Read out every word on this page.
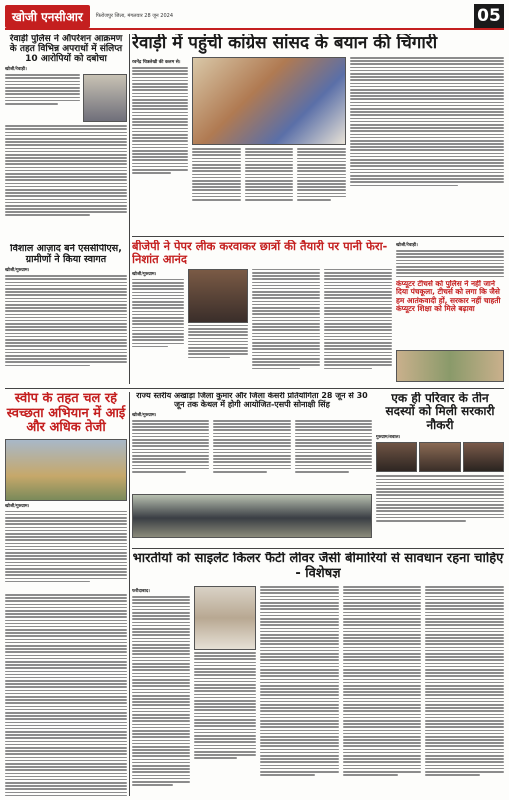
खोजी एनसीआर	फिरोजपुर जिला, मंगलवार 28 जून 2024	05
रेवाड़ी पुलिस ने ऑपरेशन आक्रमण के तहत विभिन्न अपराधों में संलिप्त 10 आरोपियों को दबोचा
खोजी/रेवाड़ी।
रेवाड़ी में पहुंची कांग्रेस सांसद के बयान की चिंगारी
रवनेंद्र चित्रलेखी की कलम से।
बीजेपी ने पेपर लीक करवाकर छात्रों की तैयारी पर पानी फेरा-निशांत आनंद
खोजी/गुरुग्राम।
खोजी/रेवाड़ी।
कंप्यूटर टीचर्स को पुलिस ने नहीं जाने दिया पंचकूला, टीचर्स को लगा कि जैसे हम आतंकवादी हों, सरकार नहीं चाहती कंप्यूटर शिक्षा को मिले बढ़ावा
विशाल आज़ाद बने एससीपीएस, ग्रामीणों ने किया स्वागत
खोजी/गुरुग्राम।
स्वीप के तहत चल रहे स्वच्छता अभियान में आई और अधिक तेजी
खोजी/गुरुग्राम।
राज्य स्तरीय अखाड़ा जिला कुमार और जिला केसरी प्रतियोगिता 28 जून से 30 जून तक केथल में होगी आयोजित-एसपी सोनाक्षी सिंह
खोजी/गुरुग्राम।
एक ही परिवार के तीन सदस्यों को मिली सरकारी नौकरी
गुरुग्राम/बवाल।
भारतीयों को साइलेंट किलर फैटी लीवर जैसी बीमारियों से सावधान रहना चाहिए - विशेषज्ञ
फरीदाबाद।
